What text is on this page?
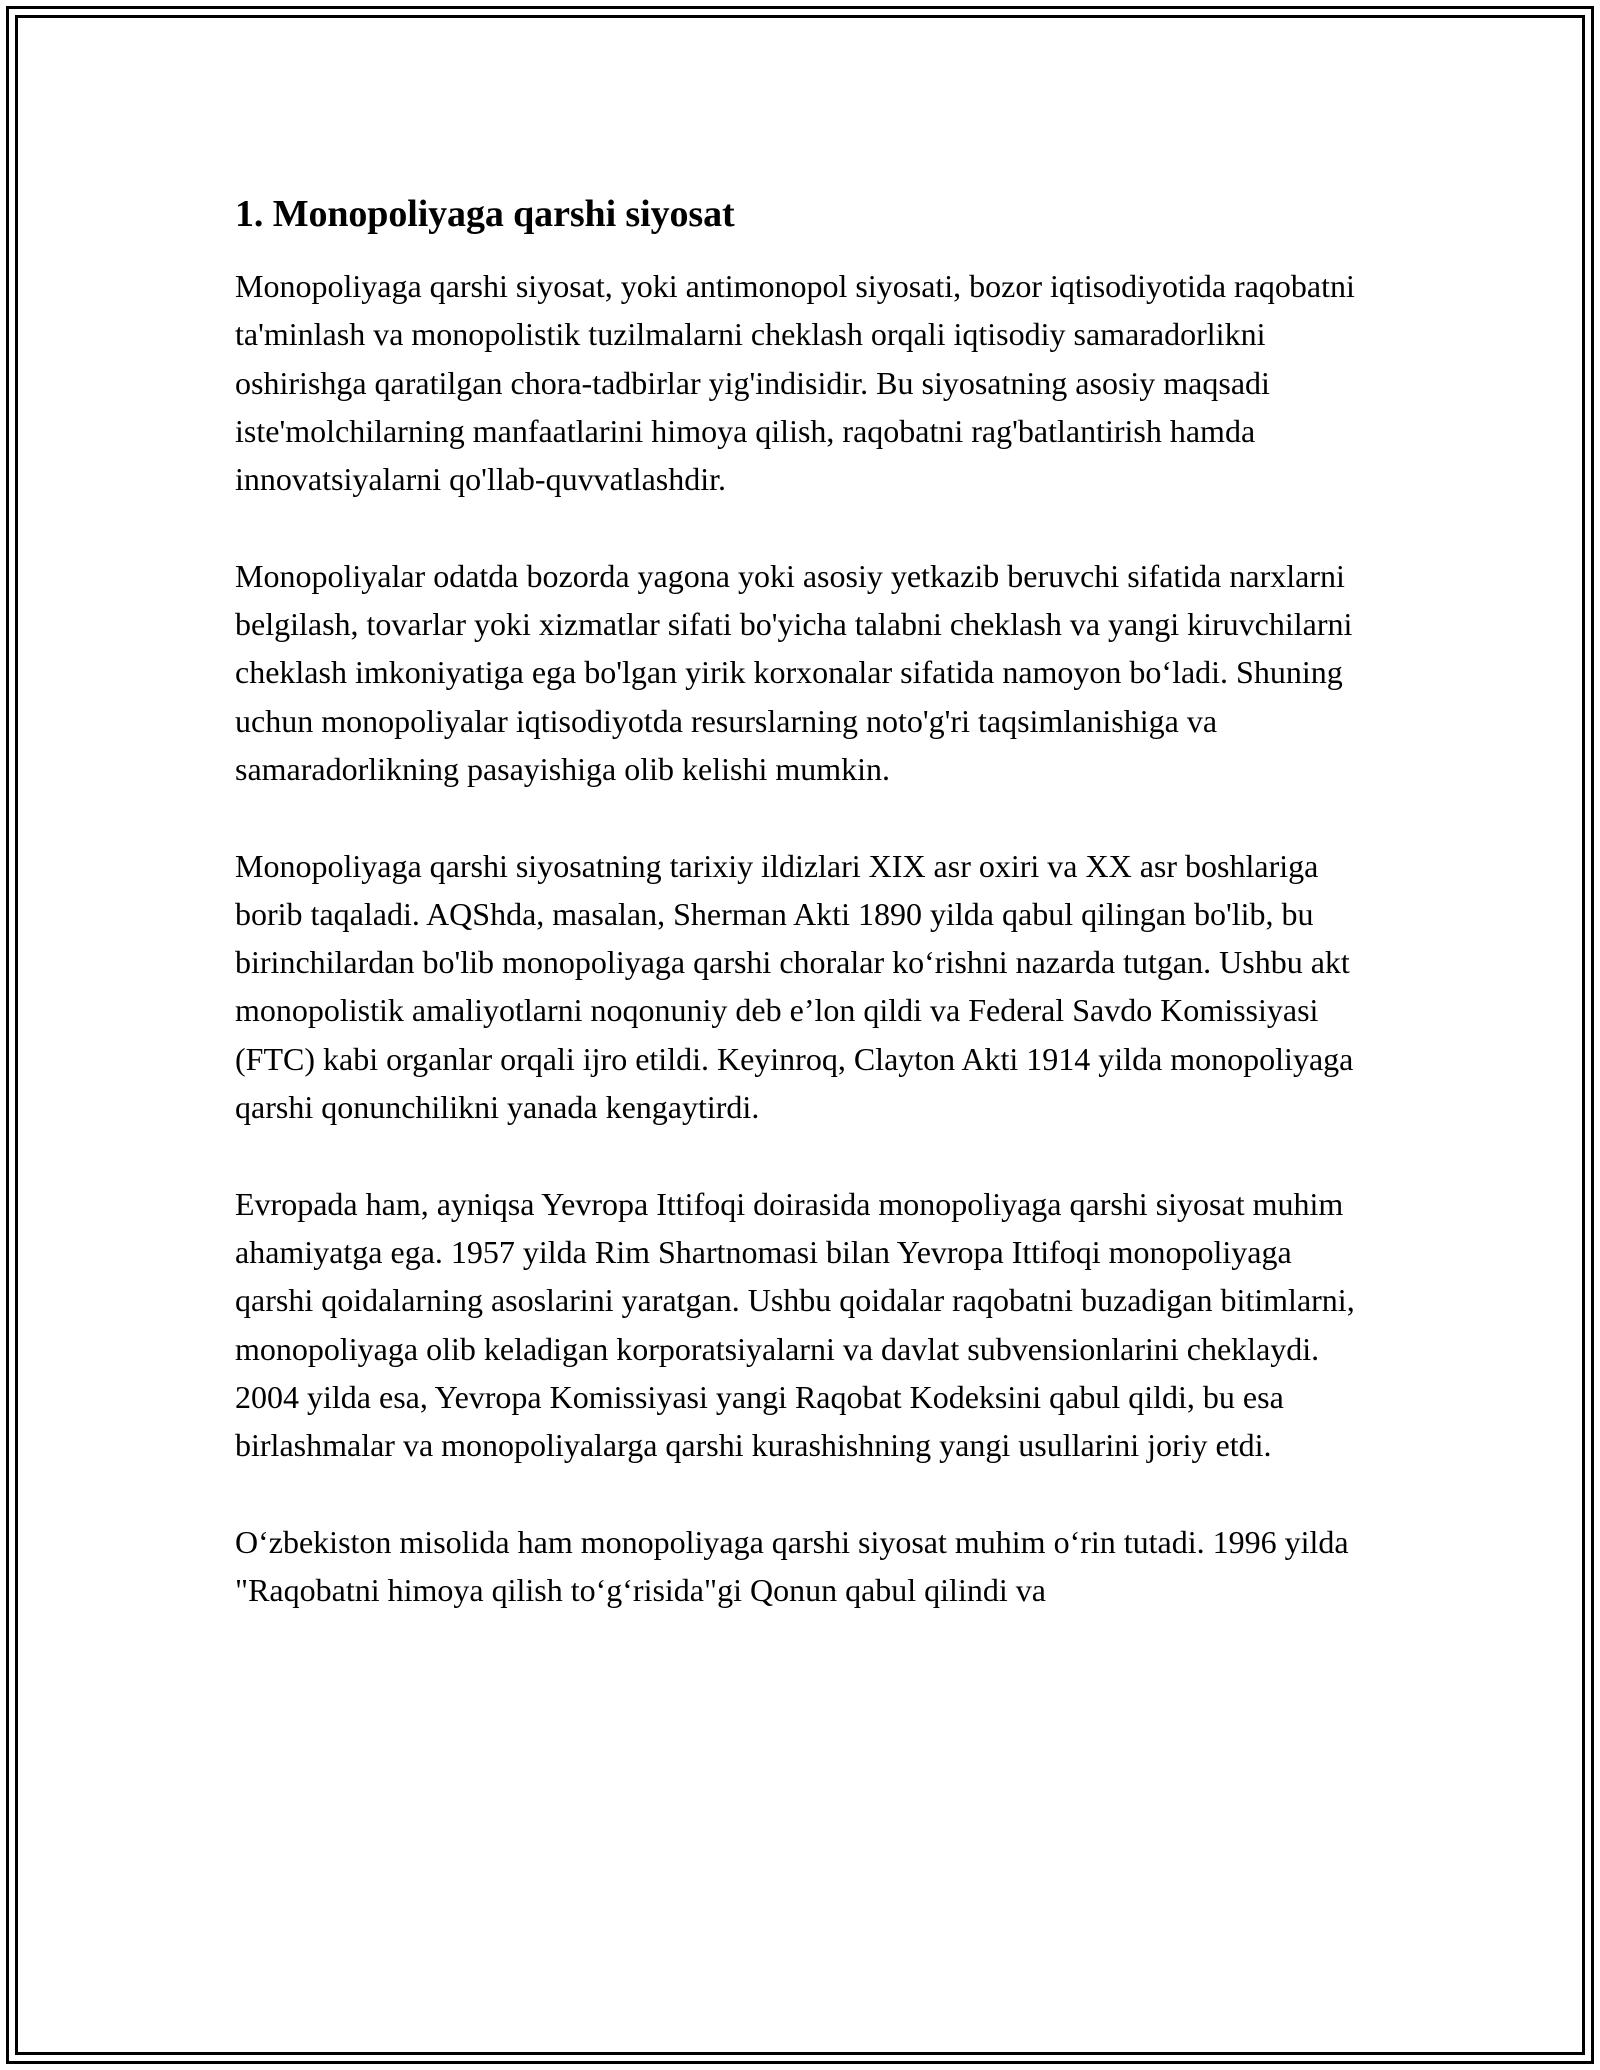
1. Monopoliyaga qarshi siyosat

Monopoliyaga qarshi siyosat, yoki antimonopol siyosati, bozor iqtisodiyotida raqobatni ta'minlash va monopolistik tuzilmalarni cheklash orqali iqtisodiy samaradorlikni oshirishga qaratilgan chora-tadbirlar yig'indisidir. Bu siyosatning asosiy maqsadi iste'molchilarning manfaatlarini himoya qilish, raqobatni rag'batlantirish hamda innovatsiyalarni qo'llab-quvvatlashdir.

Monopoliyalar odatda bozorda yagona yoki asosiy yetkazib beruvchi sifatida narxlarni belgilash, tovarlar yoki xizmatlar sifati bo'yicha talabni cheklash va yangi kiruvchilarni cheklash imkoniyatiga ega bo'lgan yirik korxonalar sifatida namoyon bo‘ladi. Shuning uchun monopoliyalar iqtisodiyotda resurslarning noto'g'ri taqsimlanishiga va samaradorlikning pasayishiga olib kelishi mumkin.

Monopoliyaga qarshi siyosatning tarixiy ildizlari XIX asr oxiri va XX asr boshlariga borib taqaladi. AQShda, masalan, Sherman Akti 1890 yilda qabul qilingan bo'lib, bu birinchilardan bo'lib monopoliyaga qarshi choralar ko‘rishni nazarda tutgan. Ushbu akt monopolistik amaliyotlarni noqonuniy deb e’lon qildi va Federal Savdo Komissiyasi (FTC) kabi organlar orqali ijro etildi. Keyinroq, Clayton Akti 1914 yilda monopoliyaga qarshi qonunchilikni yanada kengaytirdi.

Evropada ham, ayniqsa Yevropa Ittifoqi doirasida monopoliyaga qarshi siyosat muhim ahamiyatga ega. 1957 yilda Rim Shartnomasi bilan Yevropa Ittifoqi monopoliyaga qarshi qoidalarning asoslarini yaratgan. Ushbu qoidalar raqobatni buzadigan bitimlarni, monopoliyaga olib keladigan korporatsiyalarni va davlat subvensionlarini cheklaydi. 2004 yilda esa, Yevropa Komissiyasi yangi Raqobat Kodeksini qabul qildi, bu esa birlashmalar va monopoliyalarga qarshi kurashishning yangi usullarini joriy etdi.

O‘zbekiston misolida ham monopoliyaga qarshi siyosat muhim o‘rin tutadi. 1996 yilda "Raqobatni himoya qilish to‘g‘risida"gi Qonun qabul qilindi va
